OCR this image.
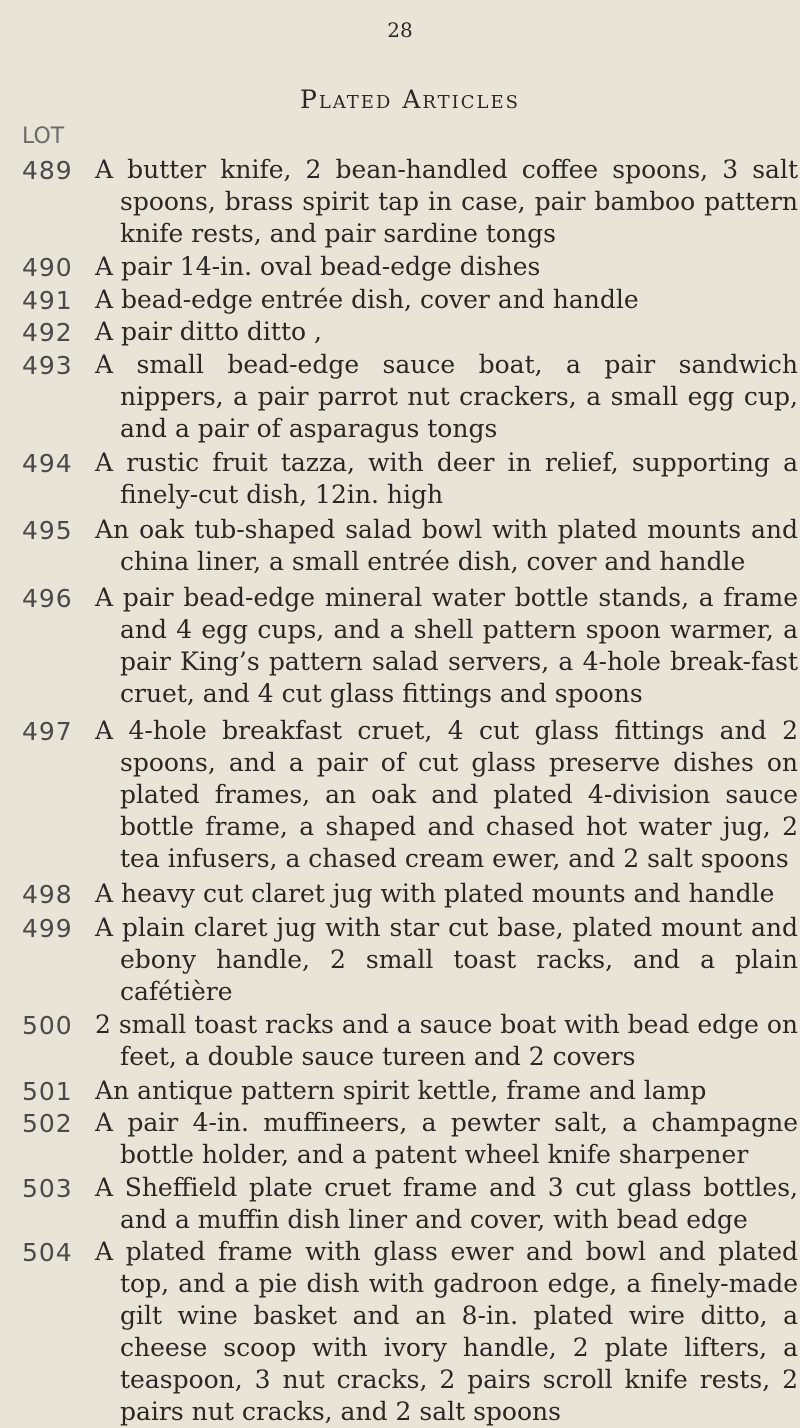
28
Plated Articles
LOT
489 A butter knife, 2 bean-handled coffee spoons, 3 salt spoons, brass spirit tap in case, pair bamboo pattern knife rests, and pair sardine tongs
490 A pair 14-in. oval bead-edge dishes
491 A bead-edge entrée dish, cover and handle
492 A pair ditto ditto ,
493 A small bead-edge sauce boat, a pair sandwich nippers, a pair parrot nut crackers, a small egg cup, and a pair of asparagus tongs
494 A rustic fruit tazza, with deer in relief, supporting a finely-cut dish, 12in. high
495 An oak tub-shaped salad bowl with plated mounts and china liner, a small entrée dish, cover and handle
496 A pair bead-edge mineral water bottle stands, a frame and 4 egg cups, and a shell pattern spoon warmer, a pair King’s pattern salad servers, a 4-hole break-fast cruet, and 4 cut glass fittings and spoons
497 A 4-hole breakfast cruet, 4 cut glass fittings and 2 spoons, and a pair of cut glass preserve dishes on plated frames, an oak and plated 4-division sauce bottle frame, a shaped and chased hot water jug, 2 tea infusers, a chased cream ewer, and 2 salt spoons
498 A heavy cut claret jug with plated mounts and handle
499 A plain claret jug with star cut base, plated mount and ebony handle, 2 small toast racks, and a plain cafétière
500 2 small toast racks and a sauce boat with bead edge on feet, a double sauce tureen and 2 covers
501 An antique pattern spirit kettle, frame and lamp
502 A pair 4-in. muffineers, a pewter salt, a champagne bottle holder, and a patent wheel knife sharpener
503 A Sheffield plate cruet frame and 3 cut glass bottles, and a muffin dish liner and cover, with bead edge
504 A plated frame with glass ewer and bowl and plated top, and a pie dish with gadroon edge, a finely-made gilt wine basket and an 8-in. plated wire ditto, a cheese scoop with ivory handle, 2 plate lifters, a teaspoon, 3 nut cracks, 2 pairs scroll knife rests, 2 pairs nut cracks, and 2 salt spoons
